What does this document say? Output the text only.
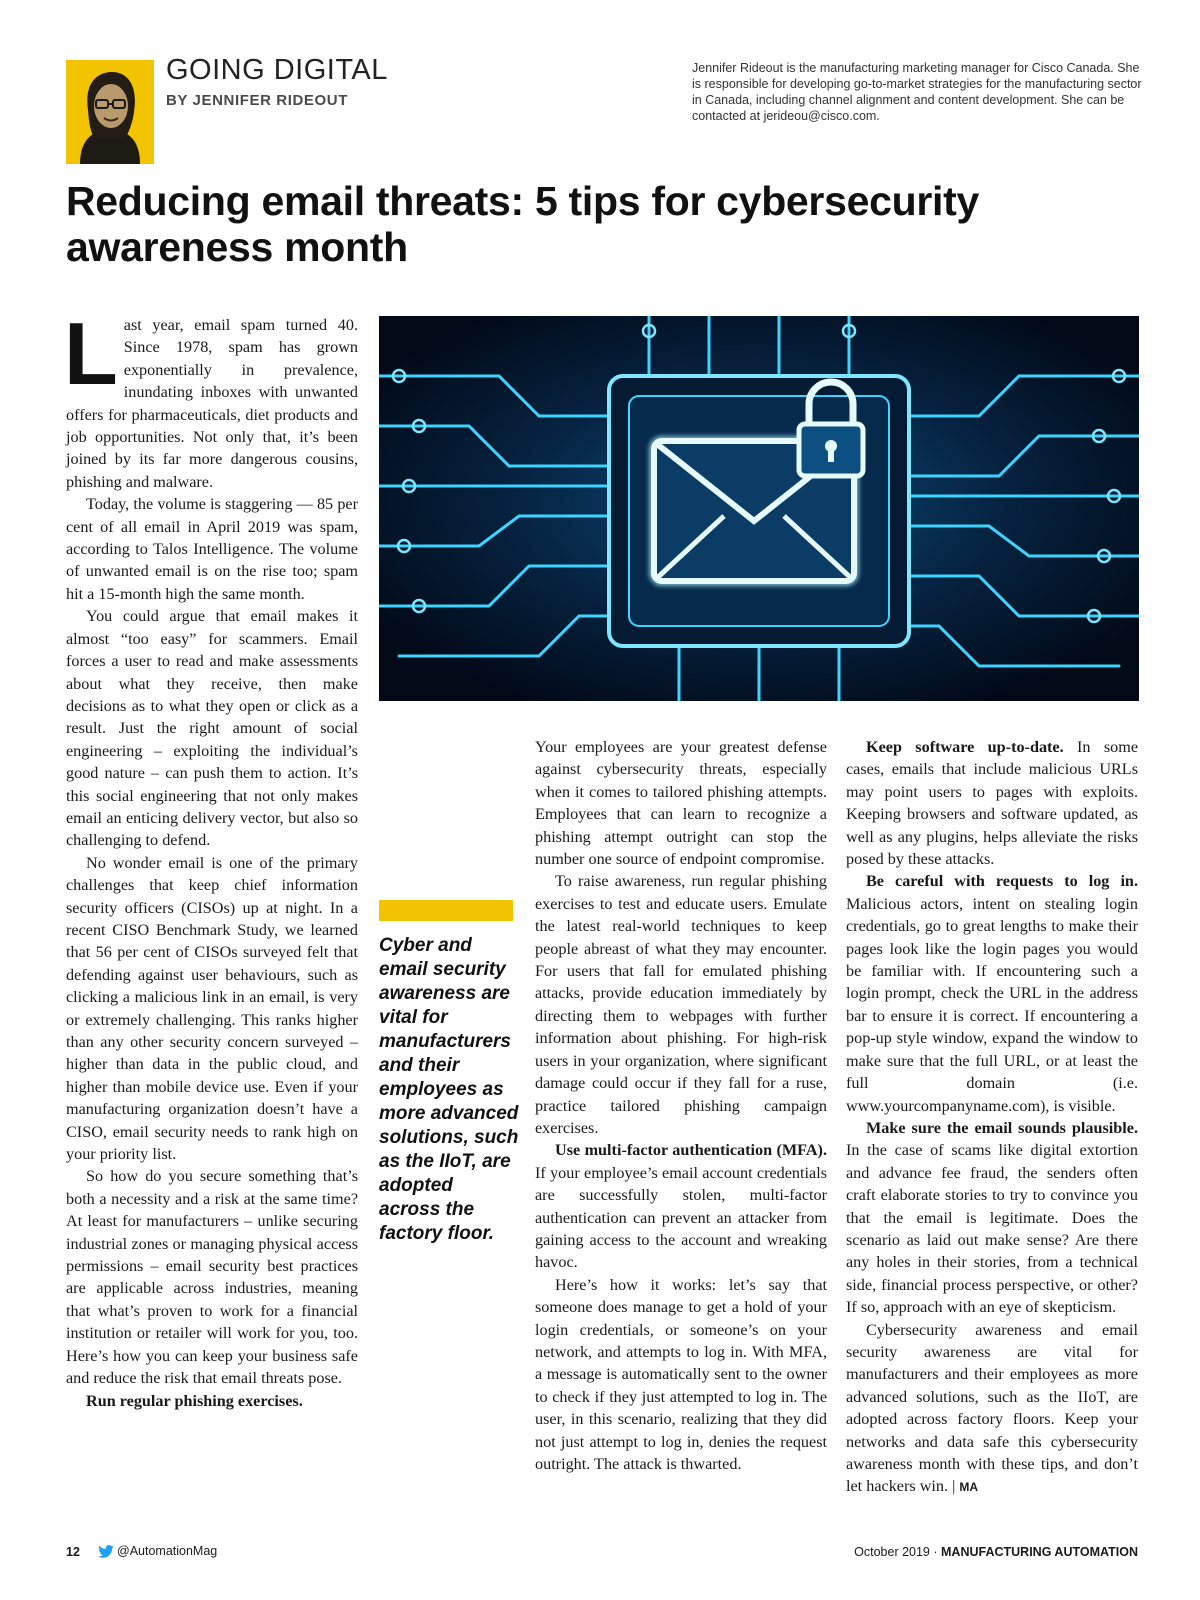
GOING DIGITAL
BY JENNIFER RIDEOUT
Jennifer Rideout is the manufacturing marketing manager for Cisco Canada. She is responsible for developing go-to-market strategies for the manufacturing sector in Canada, including channel alignment and content development. She can be contacted at jerideou@cisco.com.
Reducing email threats: 5 tips for cybersecurity awareness month
L ast year, email spam turned 40. Since 1978, spam has grown exponentially in prevalence, inundating inboxes with unwanted offers for pharmaceuticals, diet products and job opportunities. Not only that, it’s been joined by its far more dangerous cousins, phishing and malware.

Today, the volume is staggering — 85 per cent of all email in April 2019 was spam, according to Talos Intelligence. The volume of unwanted email is on the rise too; spam hit a 15-month high the same month.

You could argue that email makes it almost “too easy” for scammers. Email forces a user to read and make assessments about what they receive, then make decisions as to what they open or click as a result. Just the right amount of social engineering – exploiting the individual’s good nature – can push them to action. It’s this social engineering that not only makes email an enticing delivery vector, but also so challenging to defend.

No wonder email is one of the primary challenges that keep chief information security officers (CISOs) up at night. In a recent CISO Benchmark Study, we learned that 56 per cent of CISOs surveyed felt that defending against user behaviours, such as clicking a malicious link in an email, is very or extremely challenging. This ranks higher than any other security concern surveyed – higher than data in the public cloud, and higher than mobile device use. Even if your manufacturing organization doesn’t have a CISO, email security needs to rank high on your priority list.

So how do you secure something that’s both a necessity and a risk at the same time? At least for manufacturers – unlike securing industrial zones or managing physical access permissions – email security best practices are applicable across industries, meaning that what’s proven to work for a financial institution or retailer will work for you, too. Here’s how you can keep your business safe and reduce the risk that email threats pose.

Run regular phishing exercises.

Cyber and email security awareness are vital for manufacturers and their employees as more advanced solutions, such as the IIoT, are adopted across the factory floor.

Your employees are your greatest defense against cybersecurity threats, especially when it comes to tailored phishing attempts. Employees that can learn to recognize a phishing attempt outright can stop the number one source of endpoint compromise.

To raise awareness, run regular phishing exercises to test and educate users. Emulate the latest real-world techniques to keep people abreast of what they may encounter. For users that fall for emulated phishing attacks, provide education immediately by directing them to webpages with further information about phishing. For high-risk users in your organization, where significant damage could occur if they fall for a ruse, practice tailored phishing campaign exercises.

Use multi-factor authentication (MFA). If your employee’s email account credentials are successfully stolen, multi-factor authentication can prevent an attacker from gaining access to the account and wreaking havoc.

Here’s how it works: let’s say that someone does manage to get a hold of your login credentials, or someone’s on your network, and attempts to log in. With MFA, a message is automatically sent to the owner to check if they just attempted to log in. The user, in this scenario, realizing that they did not just attempt to log in, denies the request outright. The attack is thwarted.

Keep software up-to-date. In some cases, emails that include malicious URLs may point users to pages with exploits. Keeping browsers and software updated, as well as any plugins, helps alleviate the risks posed by these attacks.

Be careful with requests to log in. Malicious actors, intent on stealing login credentials, go to great lengths to make their pages look like the login pages you would be familiar with. If encountering such a login prompt, check the URL in the address bar to ensure it is correct. If encountering a pop-up style window, expand the window to make sure that the full URL, or at least the full domain (i.e. www.yourcompanyname.com), is visible.

Make sure the email sounds plausible. In the case of scams like digital extortion and advance fee fraud, the senders often craft elaborate stories to try to convince you that the email is legitimate. Does the scenario as laid out make sense? Are there any holes in their stories, from a technical side, financial process perspective, or other? If so, approach with an eye of skepticism.

Cybersecurity awareness and email security awareness are vital for manufacturers and their employees as more advanced solutions, such as the IIoT, are adopted across factory floors. Keep your networks and data safe this cybersecurity awareness month with these tips, and don’t let hackers win. | MA

12	@AutomationMag	October 2019 · MANUFACTURING AUTOMATION
